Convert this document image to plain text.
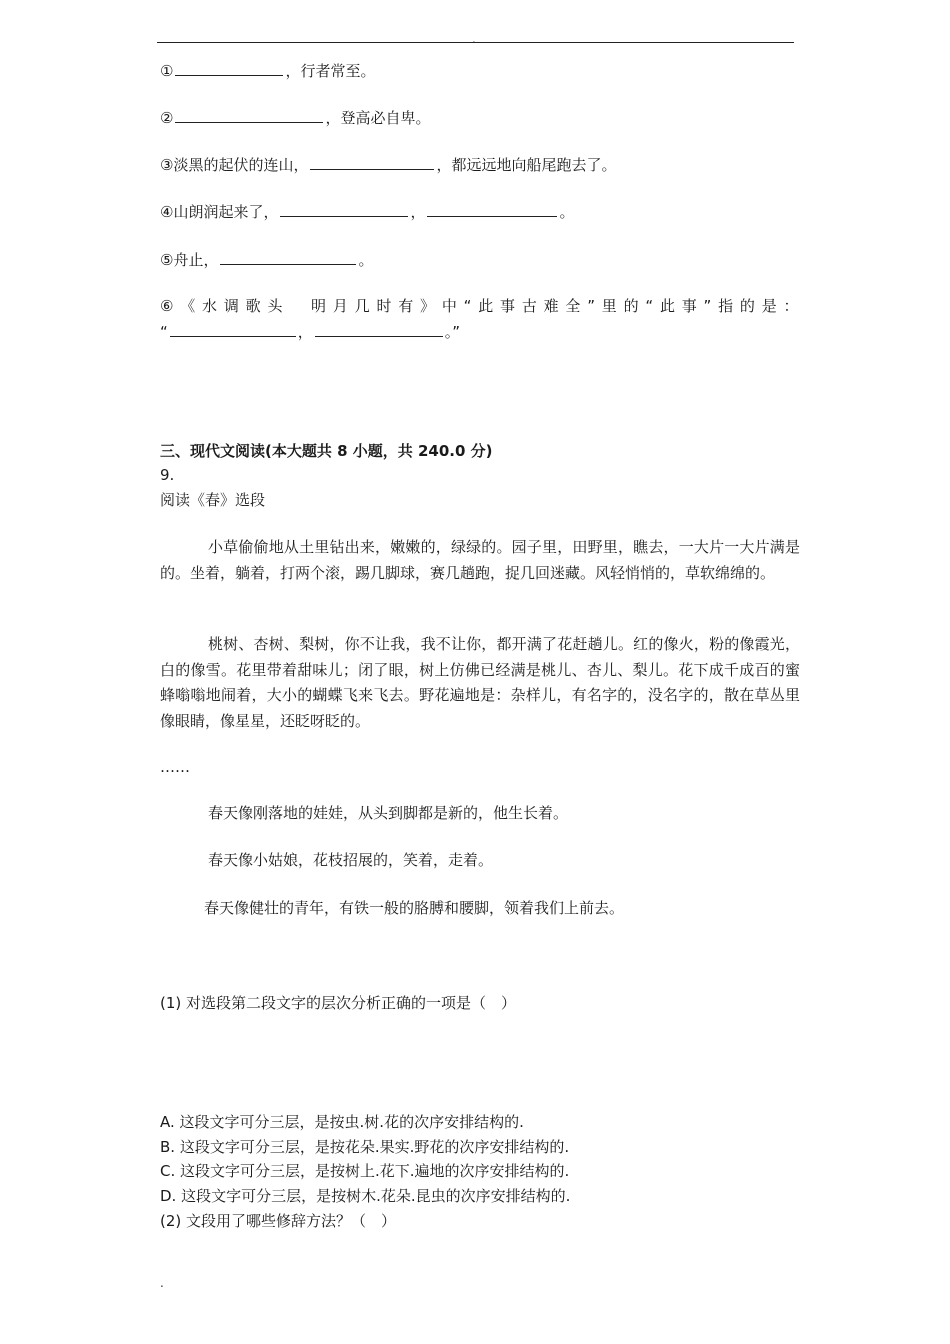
.
①	，行者常至。
②	，登高必自卑。
③淡黑的起伏的连山，	，都远远地向船尾跑去了。
④山朗润起来了，	，	。
⑤舟止，	。
⑥《水调歌头　明月几时有》中“此事古难全”里的“此事”指的是：
“	，	。”
三、现代文阅读(本大题共 8 小题，共 240.0 分)
9.
阅读《春》选段
小草偷偷地从土里钻出来，嫩嫩的，绿绿的。园子里，田野里，瞧去，一大片一大片满是的。坐着，躺着，打两个滚，踢几脚球，赛几趟跑，捉几回迷藏。风轻悄悄的，草软绵绵的。
桃树、杏树、梨树，你不让我，我不让你，都开满了花赶趟儿。红的像火，粉的像霞光，白的像雪。花里带着甜味儿；闭了眼，树上仿佛已经满是桃儿、杏儿、梨儿。花下成千成百的蜜蜂嗡嗡地闹着，大小的蝴蝶飞来飞去。野花遍地是：杂样儿，有名字的，没名字的，散在草丛里像眼睛，像星星，还眨呀眨的。
……
春天像刚落地的娃娃，从头到脚都是新的，他生长着。
春天像小姑娘，花枝招展的，笑着，走着。
春天像健壮的青年，有铁一般的胳膊和腰脚，领着我们上前去。
(1) 对选段第二段文字的层次分析正确的一项是（　）
A. 这段文字可分三层，是按虫.树.花的次序安排结构的.
B. 这段文字可分三层，是按花朵.果实.野花的次序安排结构的.
C. 这段文字可分三层，是按树上.花下.遍地的次序安排结构的.
D. 这段文字可分三层，是按树木.花朵.昆虫的次序安排结构的.
(2) 文段用了哪些修辞方法？（　）
.
